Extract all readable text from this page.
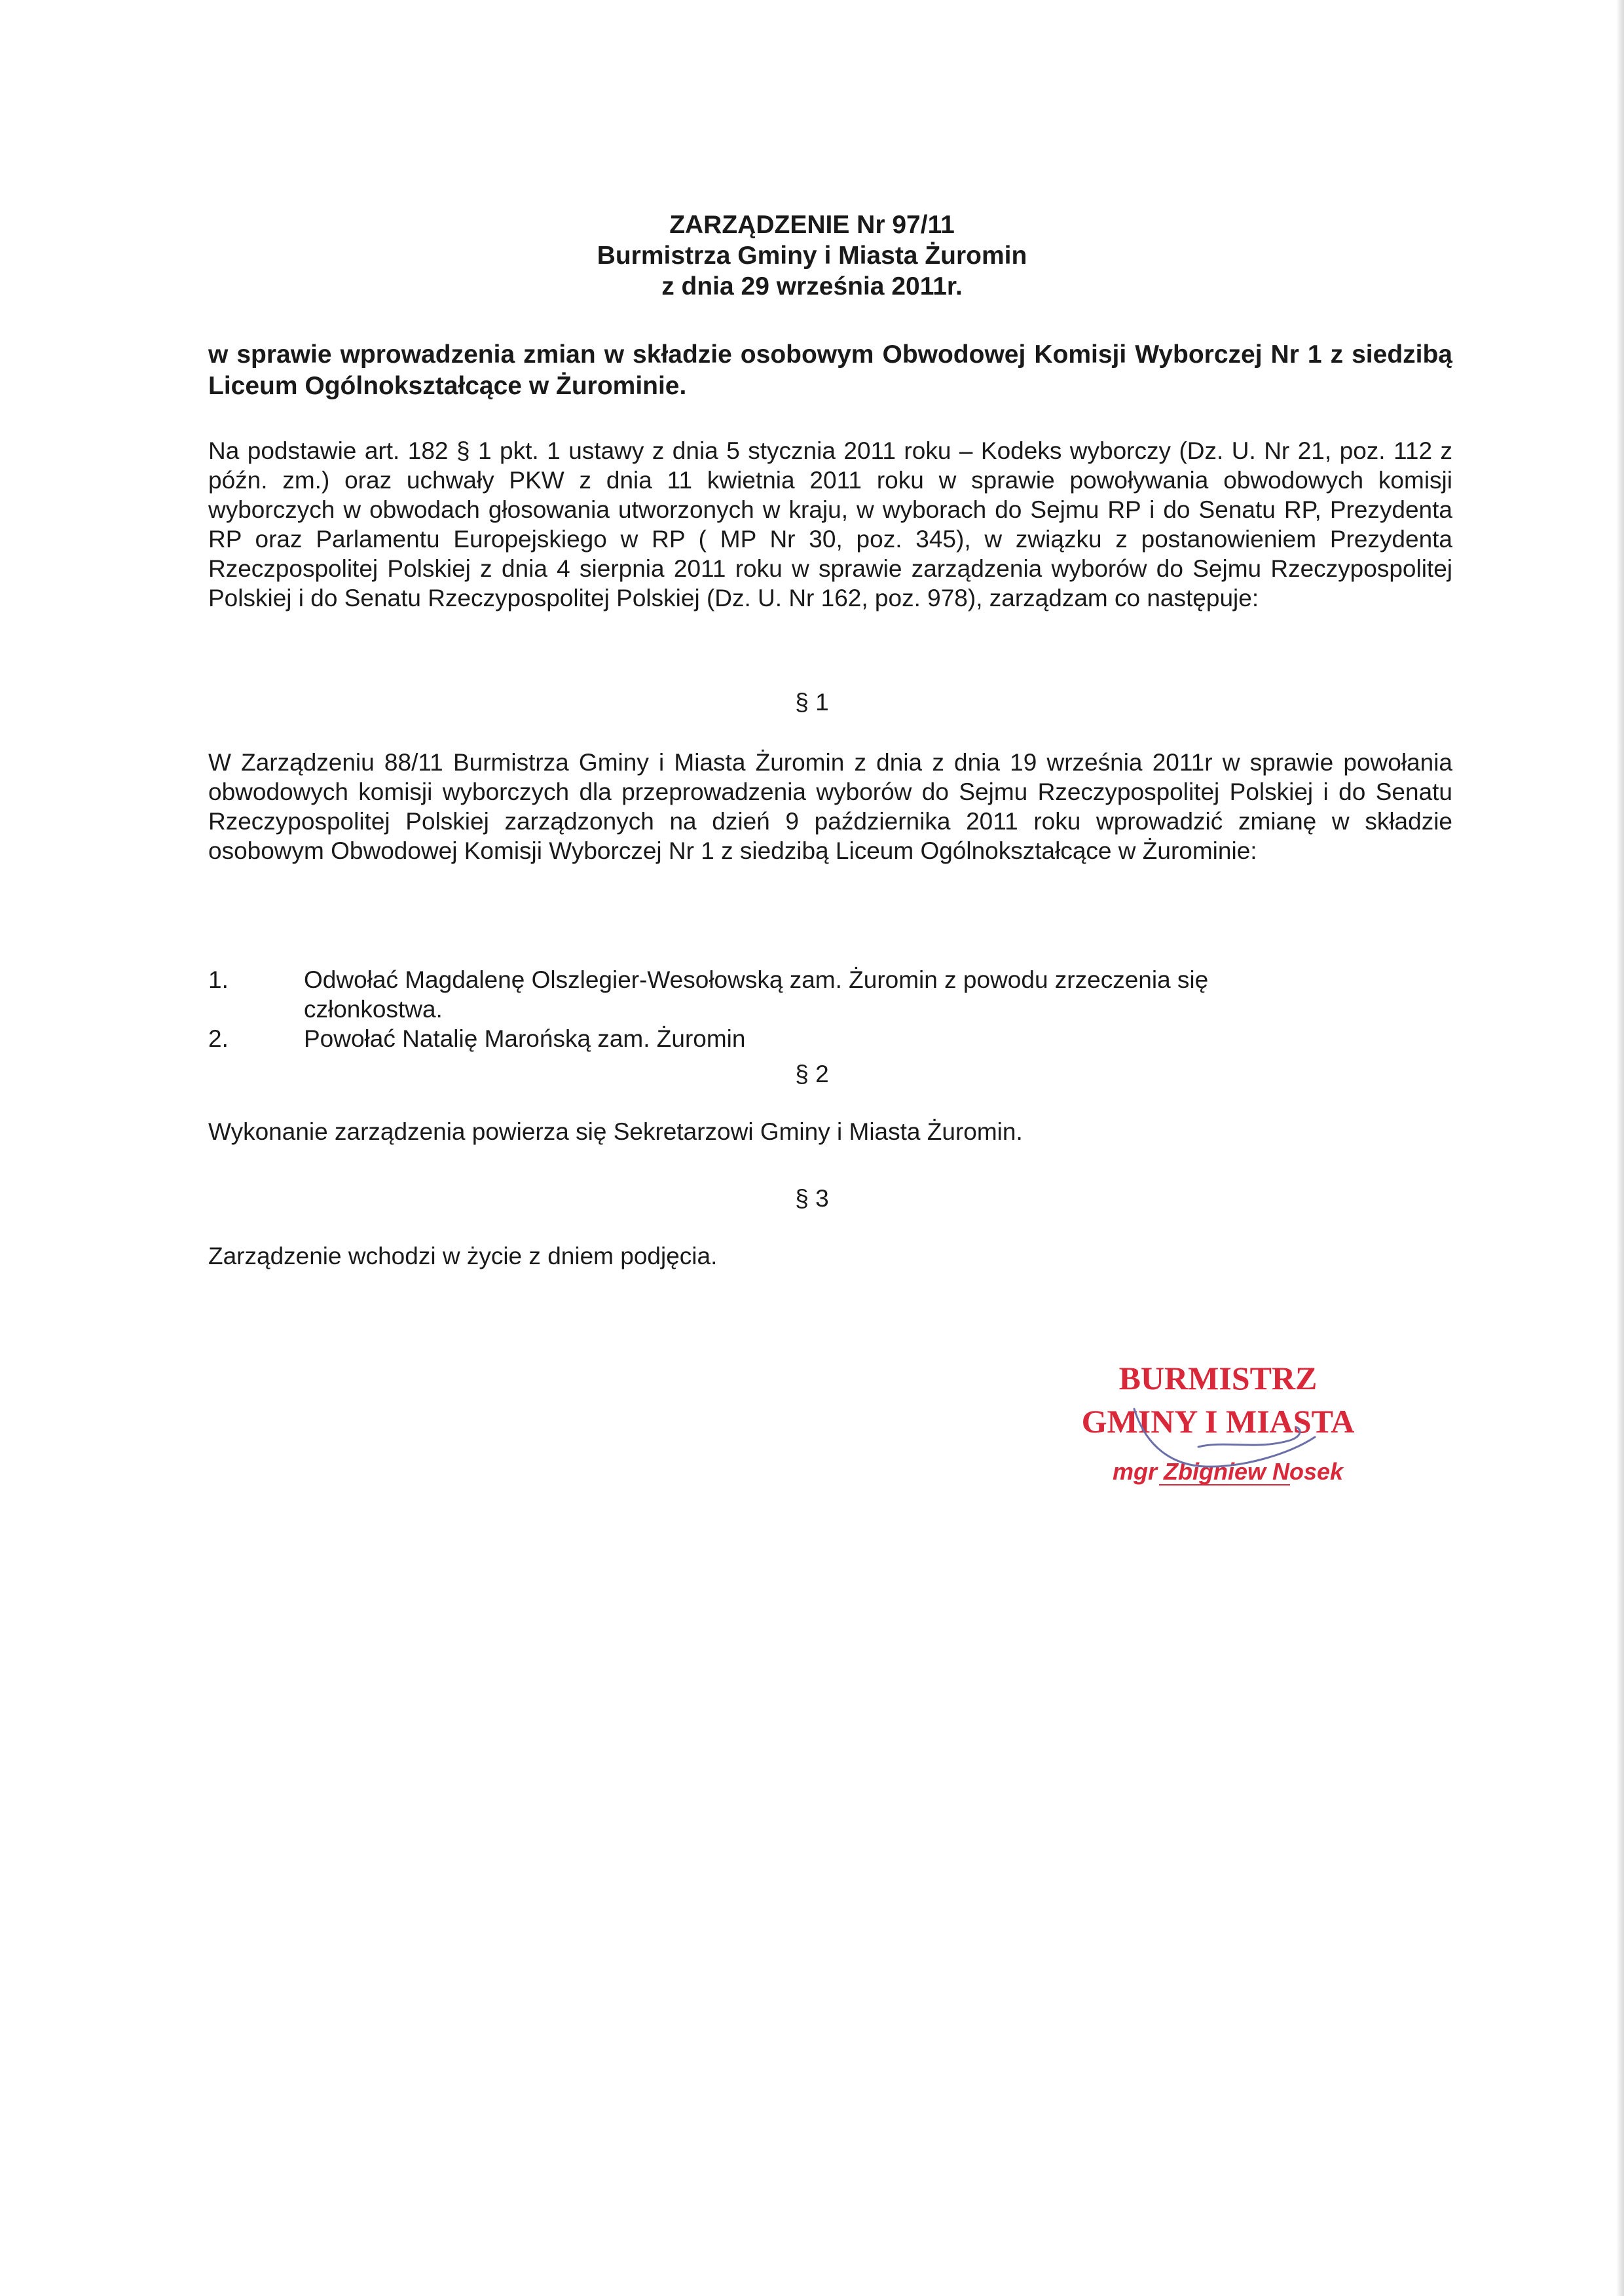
ZARZĄDZENIE Nr 97/11
Burmistrza Gminy i Miasta Żuromin
z dnia 29 września 2011r.
w sprawie wprowadzenia zmian w składzie osobowym Obwodowej Komisji Wyborczej Nr 1 z siedzibą Liceum Ogólnokształcące w Żurominie.
Na podstawie art. 182 § 1 pkt. 1 ustawy z dnia 5 stycznia 2011 roku – Kodeks wyborczy (Dz. U. Nr 21, poz. 112 z późn. zm.) oraz uchwały PKW z dnia 11 kwietnia 2011 roku w sprawie powoływania obwodowych komisji wyborczych w obwodach głosowania utworzonych w kraju, w wyborach do Sejmu RP i do Senatu RP, Prezydenta RP oraz Parlamentu Europejskiego w RP ( MP Nr 30, poz. 345), w związku z postanowieniem Prezydenta Rzeczpospolitej Polskiej z dnia 4 sierpnia 2011 roku w sprawie zarządzenia wyborów do Sejmu Rzeczypospolitej Polskiej i do Senatu Rzeczypospolitej Polskiej (Dz. U. Nr 162, poz. 978), zarządzam co następuje:
§ 1
W Zarządzeniu 88/11 Burmistrza Gminy i Miasta Żuromin z dnia z dnia 19 września 2011r w sprawie powołania obwodowych komisji wyborczych dla przeprowadzenia wyborów do Sejmu Rzeczypospolitej Polskiej i do Senatu Rzeczypospolitej Polskiej zarządzonych na dzień 9 października 2011 roku wprowadzić zmianę w składzie osobowym Obwodowej Komisji Wyborczej Nr 1 z siedzibą Liceum Ogólnokształcące w Żurominie:
1.	Odwołać Magdalenę Olszlegier-Wesołowską zam. Żuromin z powodu zrzeczenia się członkostwa.
2.	Powołać Natalię Marońską zam. Żuromin
§ 2
Wykonanie zarządzenia powierza się Sekretarzowi Gminy i Miasta Żuromin.
§ 3
Zarządzenie wchodzi w życie z dniem podjęcia.
BURMISTRZ
GMINY I MIASTA
mgr Zbigniew Nosek
